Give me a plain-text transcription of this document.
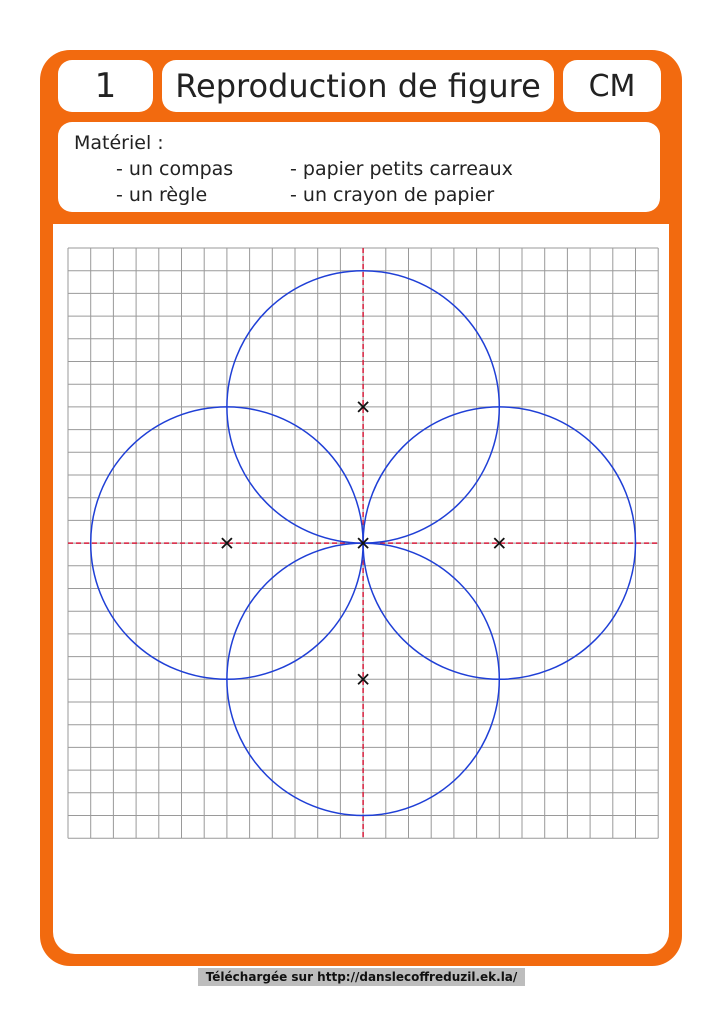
1	Reproduction de figure	CM
Matériel :
- un compas	- papier petits carreaux
- un règle	- un crayon de papier
Téléchargée sur http://danslecoffreduzil.ek.la/
